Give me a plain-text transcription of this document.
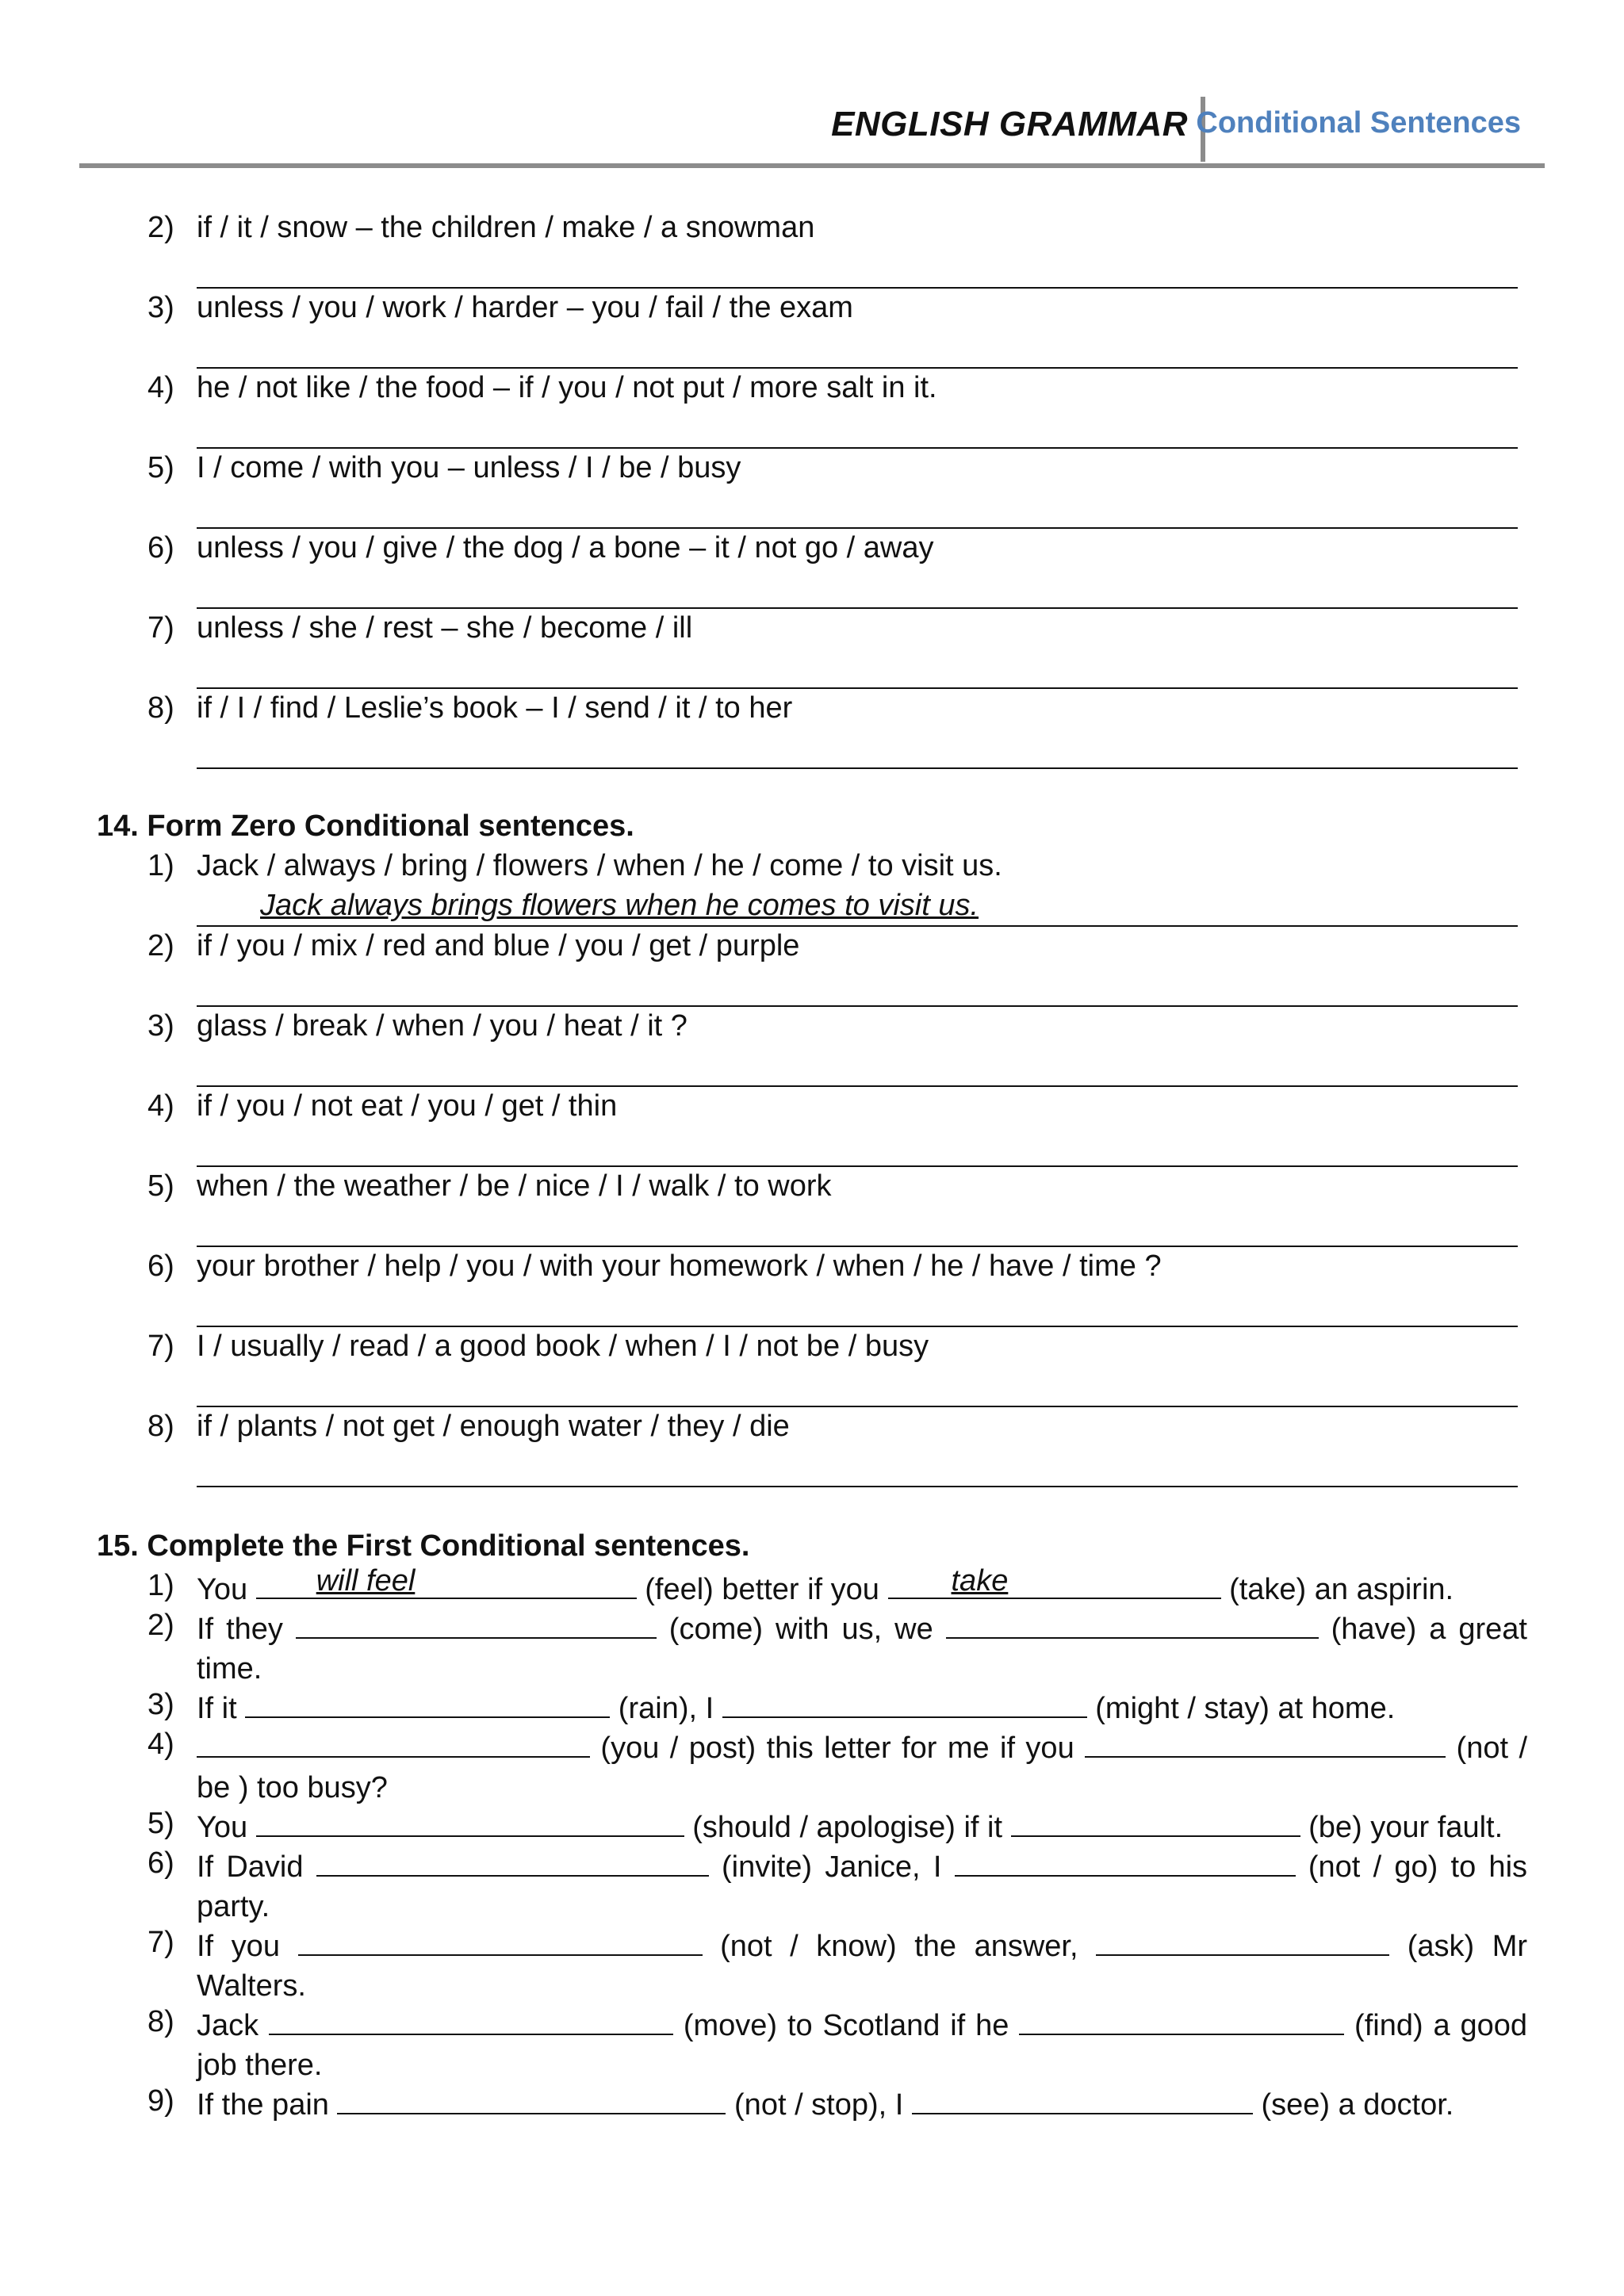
ENGLISH GRAMMAR Conditional Sentences
2) if / it / snow – the children / make / a snowman
3) unless / you / work / harder – you / fail / the exam
4) he / not like / the food – if / you / not put / more salt in it.
5) I / come / with you – unless / I / be / busy
6) unless / you / give / the dog / a bone – it / not go / away
7) unless / she / rest – she / become / ill
8) if / I / find / Leslie’s book – I / send / it / to her
14. Form Zero Conditional sentences.
1) Jack / always / bring / flowers / when / he / come / to visit us.
Jack always brings flowers when he comes to visit us.
2) if / you / mix / red and blue / you / get / purple
3) glass / break / when / you / heat / it ?
4) if / you / not eat / you / get / thin
5) when / the weather / be / nice / I / walk / to work
6) your brother / help / you / with your homework / when / he / have / time ?
7) I / usually / read / a good book / when / I / not be / busy
8) if / plants / not get / enough water / they / die
15. Complete the First Conditional sentences.
1) You will feel	(feel) better if you take	(take) an aspirin.
2) If they	(come) with us, we	(have) a great time.
3) If it	(rain), I	(might / stay) at home.
4)	(you / post) this letter for me if you	(not / be ) too busy?
5) You	(should / apologise) if it	(be) your fault.
6) If David	(invite) Janice, I	(not / go) to his party.
7) If you	(not / know) the answer,	(ask) Mr Walters.
8) Jack	(move) to Scotland if he	(find) a good job there.
9) If the pain	(not / stop), I	(see) a doctor.
